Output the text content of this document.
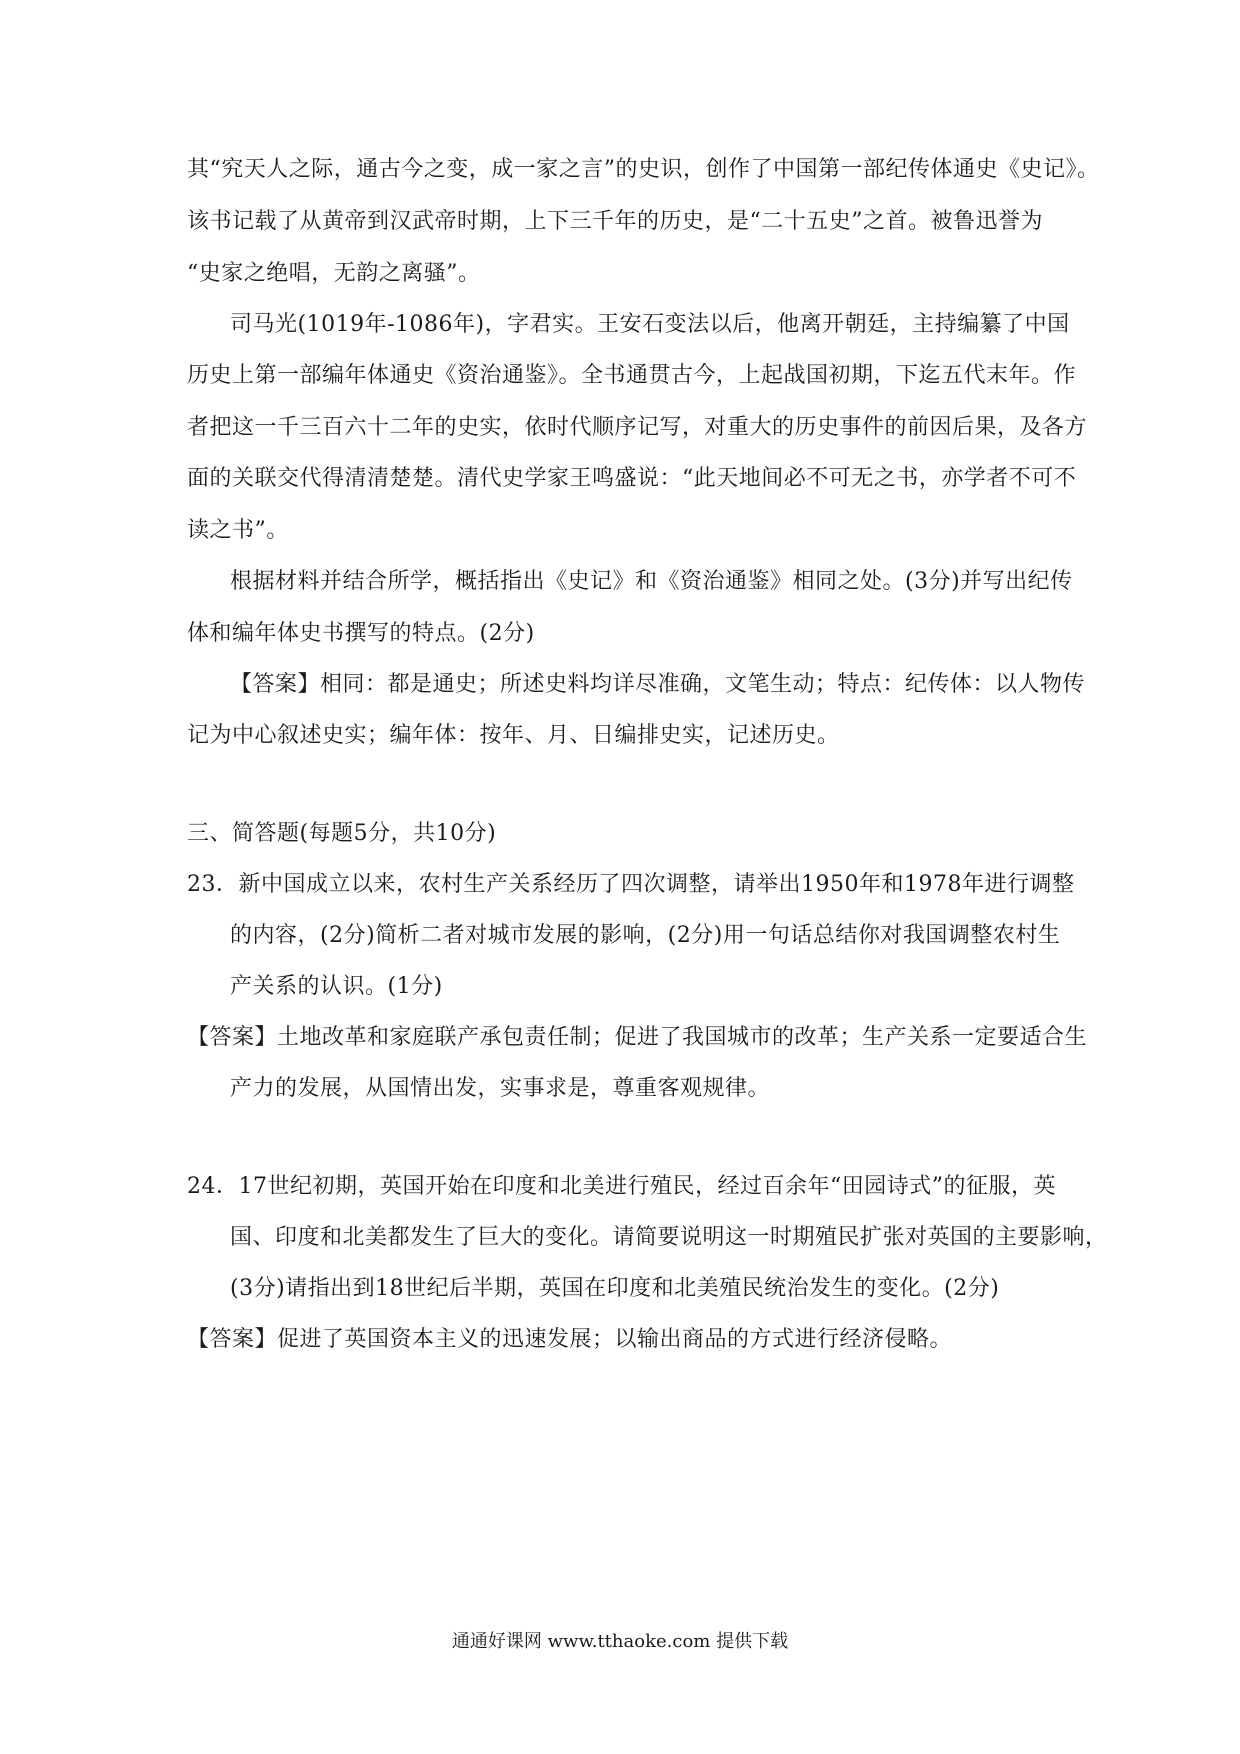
其“究天人之际，通古今之变，成一家之言”的史识，创作了中国第一部纪传体通史《史记》。
该书记载了从黄帝到汉武帝时期，上下三千年的历史，是“二十五史”之首。被鲁迅誉为
“史家之绝唱，无韵之离骚”。
司马光(1019年-1086年)，字君实。王安石变法以后，他离开朝廷，主持编纂了中国
历史上第一部编年体通史《资治通鉴》。全书通贯古今，上起战国初期，下迄五代末年。作
者把这一千三百六十二年的史实，依时代顺序记写，对重大的历史事件的前因后果，及各方
面的关联交代得清清楚楚。清代史学家王鸣盛说：“此天地间必不可无之书，亦学者不可不
读之书”。
根据材料并结合所学，概括指出《史记》和《资治通鉴》相同之处。(3分)并写出纪传
体和编年体史书撰写的特点。(2分)
【答案】相同：都是通史；所述史料均详尽准确，文笔生动；特点：纪传体：以人物传
记为中心叙述史实；编年体：按年、月、日编排史实，记述历史。
三、简答题(每题5分，共10分)
23．新中国成立以来，农村生产关系经历了四次调整，请举出1950年和1978年进行调整
的内容，(2分)简析二者对城市发展的影响，(2分)用一句话总结你对我国调整农村生
产关系的认识。(1分)
【答案】土地改革和家庭联产承包责任制；促进了我国城市的改革；生产关系一定要适合生
产力的发展，从国情出发，实事求是，尊重客观规律。
24．17世纪初期，英国开始在印度和北美进行殖民，经过百余年“田园诗式”的征服，英
国、印度和北美都发生了巨大的变化。请简要说明这一时期殖民扩张对英国的主要影响，
(3分)请指出到18世纪后半期，英国在印度和北美殖民统治发生的变化。(2分)
【答案】促进了英国资本主义的迅速发展；以输出商品的方式进行经济侵略。
通通好课网 www.tthaoke.com 提供下载
